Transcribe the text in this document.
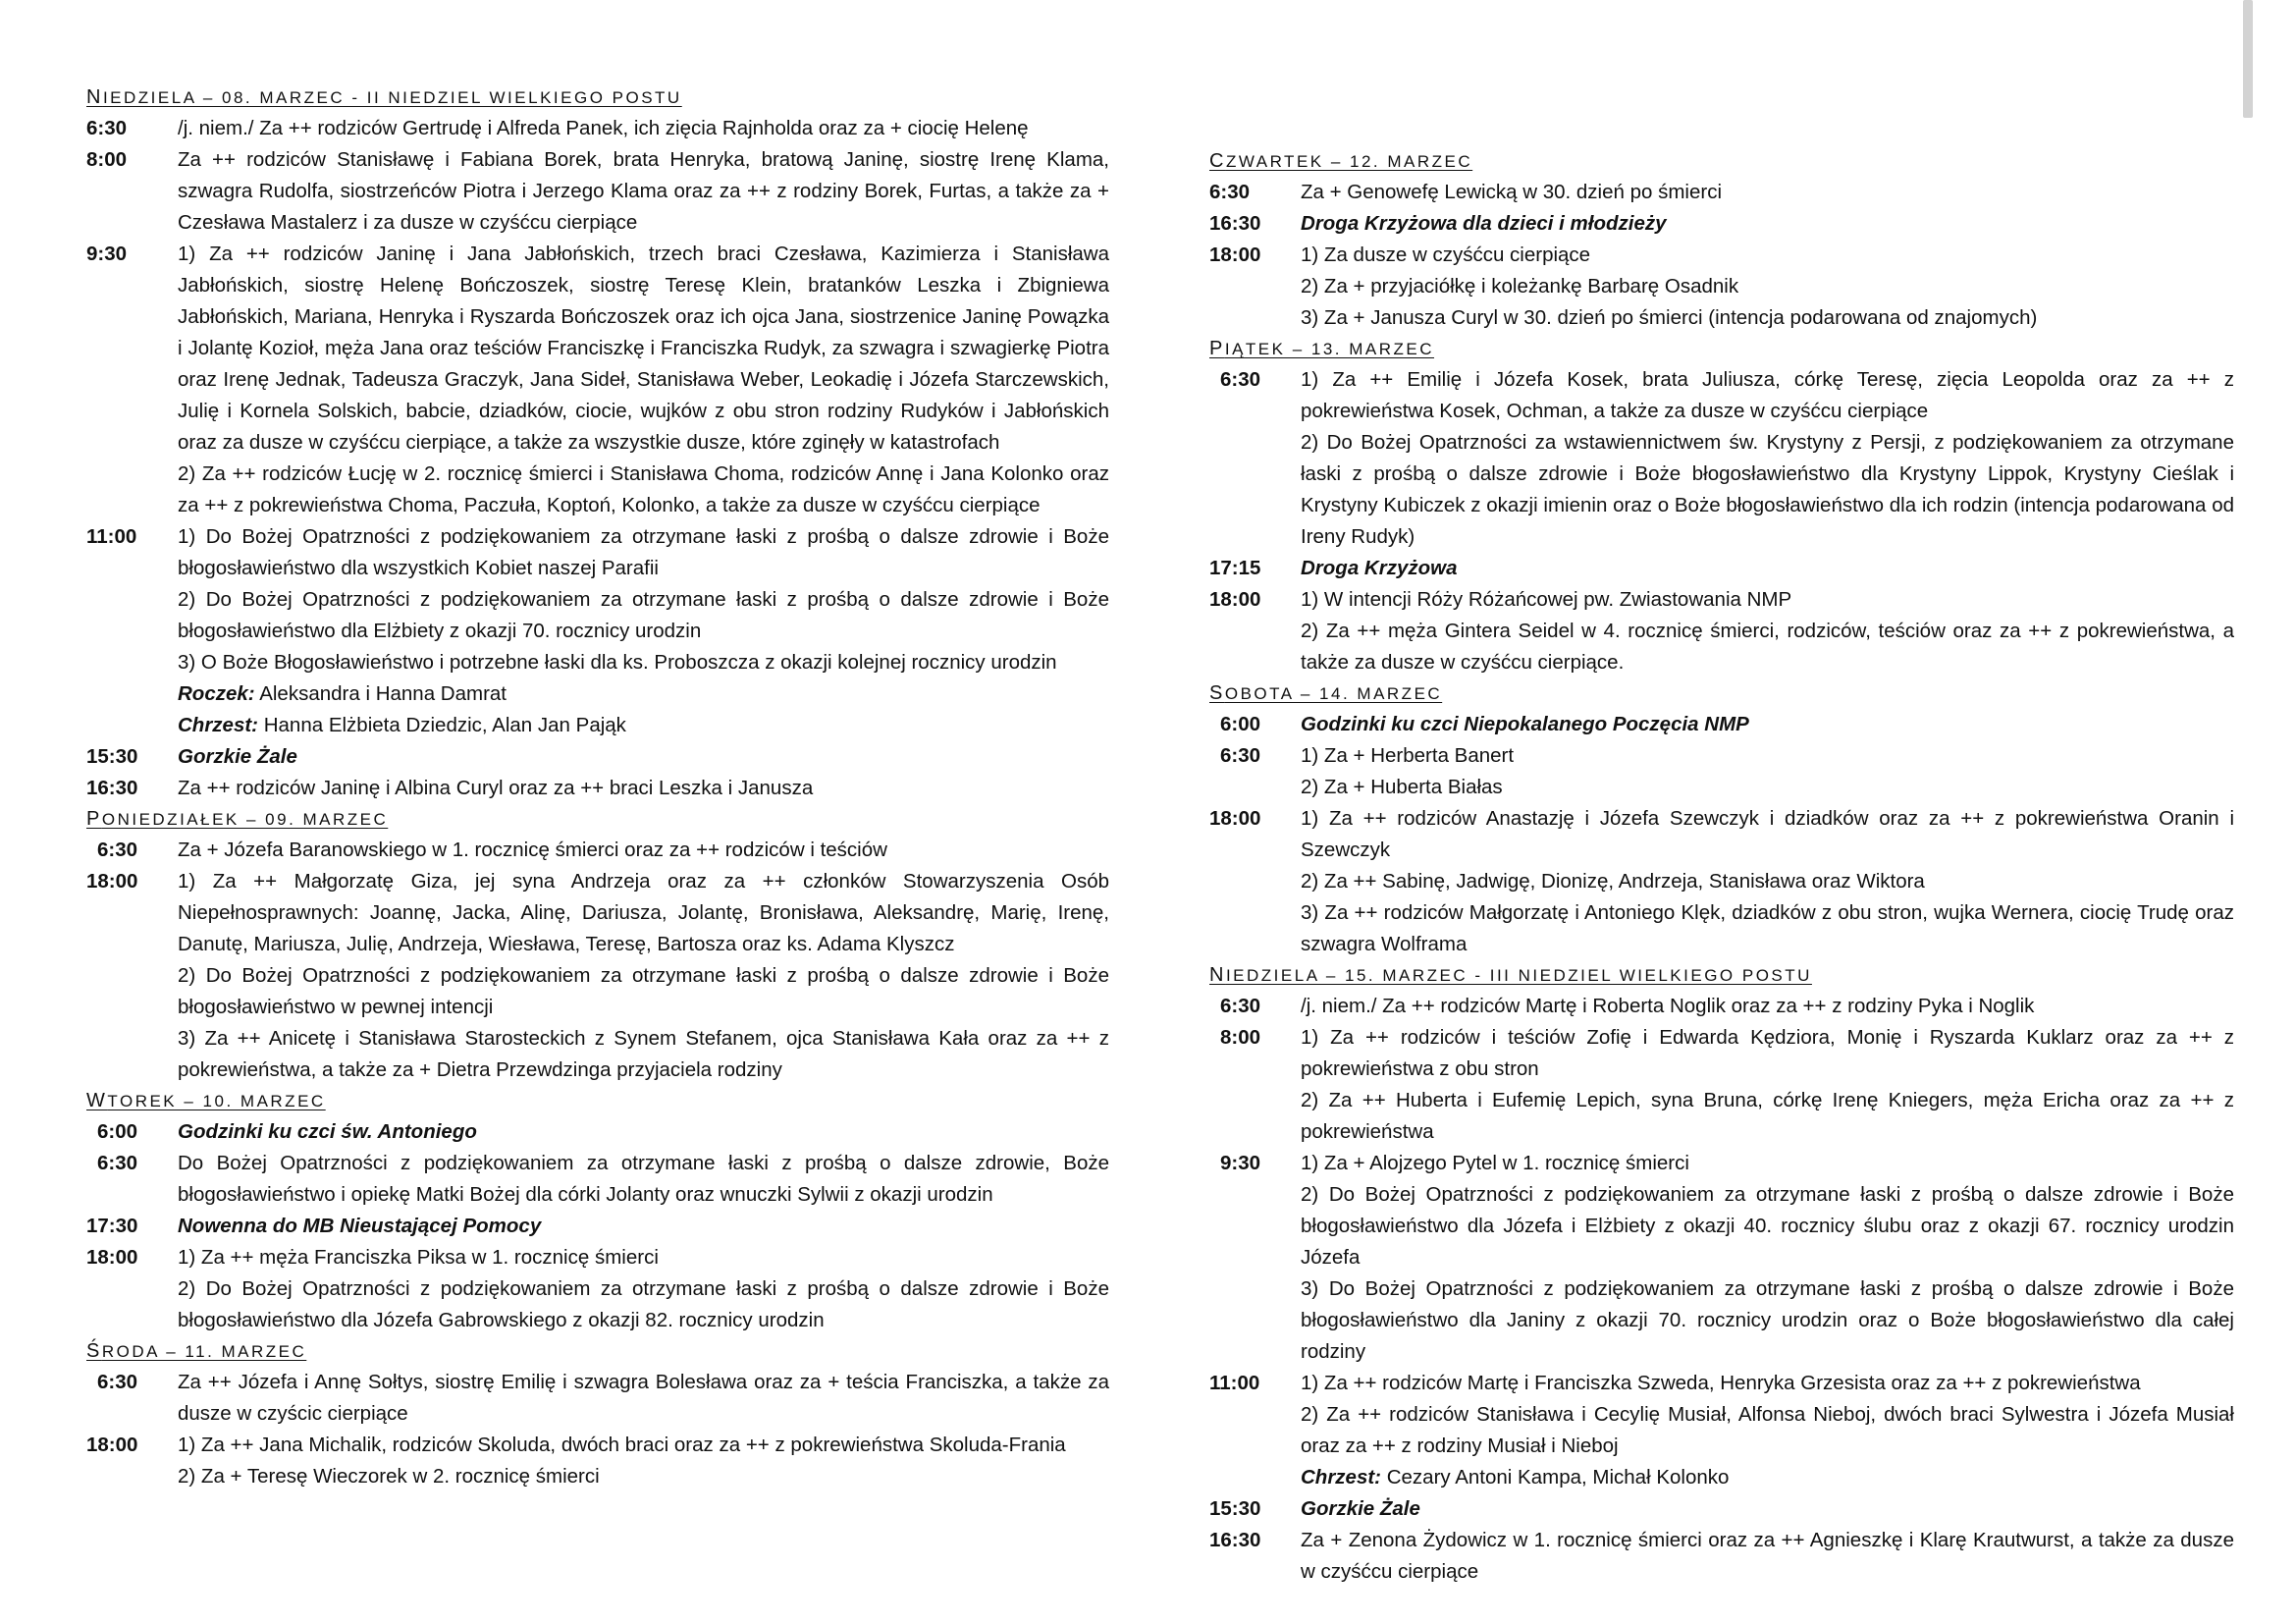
NIEDZIELA – 08. MARZEC - II NIEDZIEL WIELKIEGO POSTU
6:30	/j. niem./ Za ++ rodziców Gertrudę i Alfreda Panek, ich zięcia Rajnholda oraz za + ciocię Helenę
8:00	Za ++ rodziców Stanisławę i Fabiana Borek, brata Henryka, bratową Janinę, siostrę Irenę Klama, szwagra Rudolfa, siostrzeńców Piotra i Jerzego Klama oraz za ++ z rodziny Borek, Furtas, a także za + Czesława Mastalerz i za dusze w czyśćcu cierpiące
9:30	1) Za ++ rodziców Janinę i Jana Jabłońskich, trzech braci Czesława, Kazimierza i Stanisława Jabłońskich, siostrę Helenę Bończoszek, siostrę Teresę Klein, bratanków Leszka i Zbigniewa Jabłońskich, Mariana, Henryka i Ryszarda Bończoszek oraz ich ojca Jana, siostrzenice Janinę Powązka i Jolantę Kozioł, męża Jana oraz teściów Franciszkę i Franciszka Rudyk, za szwagra i szwagierkę Piotra oraz Irenę Jednak, Tadeusza Graczyk, Jana Sideł, Stanisława Weber, Leokadię i Józefa Starczewskich, Julię i Kornela Solskich, babcie, dziadków, ciocie, wujków z obu stron rodziny Rudyków i Jabłońskich oraz za dusze w czyśćcu cierpiące, a także za wszystkie dusze, które zginęły w katastrofach
2) Za ++ rodziców Łucję w 2. rocznicę śmierci i Stanisława Choma, rodziców Annę i Jana Kolonko oraz za ++ z pokrewieństwa Choma, Paczuła, Koptoń, Kolonko, a także za dusze w czyśćcu cierpiące
11:00	1) Do Bożej Opatrzności z podziękowaniem za otrzymane łaski z prośbą o dalsze zdrowie i Boże błogosławieństwo dla wszystkich Kobiet naszej Parafii
2) Do Bożej Opatrzności z podziękowaniem za otrzymane łaski z prośbą o dalsze zdrowie i Boże błogosławieństwo dla Elżbiety z okazji 70. rocznicy urodzin
3) O Boże Błogosławieństwo i potrzebne łaski dla ks. Proboszcza z okazji kolejnej rocznicy urodzin
Roczek: Aleksandra i Hanna Damrat
Chrzest: Hanna Elżbieta Dziedzic, Alan Jan Pająk
15:30	Gorzkie Żale
16:30	Za ++ rodziców Janinę i Albina Curyl oraz za ++ braci Leszka i Janusza
PONIEDZIAŁEK – 09. MARZEC
6:30	Za + Józefa Baranowskiego w 1. rocznicę śmierci oraz za ++ rodziców i teściów
18:00	1) Za ++ Małgorzatę Giza, jej syna Andrzeja oraz za ++ członków Stowarzyszenia Osób Niepełnosprawnych: Joannę, Jacka, Alinę, Dariusza, Jolantę, Bronisława, Aleksandrę, Marię, Irenę, Danutę, Mariusza, Julię, Andrzeja, Wiesława, Teresę, Bartosza oraz ks. Adama Klyszcz
2) Do Bożej Opatrzności z podziękowaniem za otrzymane łaski z prośbą o dalsze zdrowie i Boże błogosławieństwo w pewnej intencji
3) Za ++ Anicetę i Stanisława Starosteckich z Synem Stefanem, ojca Stanisława Kała oraz za ++ z pokrewieństwa, a także za + Dietra Przewdzinga przyjaciela rodziny
WTOREK – 10. MARZEC
6:00	Godzinki ku czci św. Antoniego
6:30	Do Bożej Opatrzności z podziękowaniem za otrzymane łaski z prośbą o dalsze zdrowie, Boże błogosławieństwo i opiekę Matki Bożej dla córki Jolanty oraz wnuczki Sylwii z okazji urodzin
17:30	Nowenna do MB Nieustającej Pomocy
18:00	1) Za ++ męża Franciszka Piksa w 1. rocznicę śmierci
2) Do Bożej Opatrzności z podziękowaniem za otrzymane łaski z prośbą o dalsze zdrowie i Boże błogosławieństwo dla Józefa Gabrowskiego z okazji 82. rocznicy urodzin
ŚRODA – 11. MARZEC
6:30	Za ++ Józefa i Annę Sołtys, siostrę Emilię i szwagra Bolesława oraz za + teścia Franciszka, a także za dusze w czyścic cierpiące
18:00	1) Za ++ Jana Michalik, rodziców Skoluda, dwóch braci oraz za ++ z pokrewieństwa Skoluda-Frania
2) Za + Teresę Wieczorek w 2. rocznicę śmierci
CZWARTEK – 12. MARZEC
6:30	Za + Genowefę Lewicką w 30. dzień po śmierci
16:30	Droga Krzyżowa dla dzieci i młodzieży
18:00	1) Za dusze w czyśćcu cierpiące
2) Za + przyjaciółkę i koleżankę Barbarę Osadnik
3) Za + Janusza Curyl w 30. dzień po śmierci (intencja podarowana od znajomych)
PIĄTEK – 13. MARZEC
6:30	1) Za ++ Emilię i Józefa Kosek, brata Juliusza, córkę Teresę, zięcia Leopolda oraz za ++ z pokrewieństwa Kosek, Ochman, a także za dusze w czyśćcu cierpiące
2) Do Bożej Opatrzności za wstawiennictwem św. Krystyny z Persji, z podziękowaniem za otrzymane łaski z prośbą o dalsze zdrowie i Boże błogosławieństwo dla Krystyny Lippok, Krystyny Cieślak i Krystyny Kubiczek z okazji imienin oraz o Boże błogosławieństwo dla ich rodzin (intencja podarowana od Ireny Rudyk)
17:15	Droga Krzyżowa
18:00	1) W intencji Róży Różańcowej pw. Zwiastowania NMP
2) Za ++ męża Gintera Seidel w 4. rocznicę śmierci, rodziców, teściów oraz za ++ z pokrewieństwa, a także za dusze w czyśćcu cierpiące.
SOBOTA – 14. MARZEC
6:00	Godzinki ku czci Niepokalanego Poczęcia NMP
6:30	1) Za + Herberta Banert
2) Za + Huberta Białas
18:00	1) Za ++ rodziców Anastazję i Józefa Szewczyk i dziadków oraz za ++ z pokrewieństwa Oranin i Szewczyk
2) Za ++ Sabinę, Jadwigę, Dionizę, Andrzeja, Stanisława oraz Wiktora
3) Za ++ rodziców Małgorzatę i Antoniego Klęk, dziadków z obu stron, wujka Wernera, ciocię Trudę oraz szwagra Wolframa
NIEDZIELA – 15. MARZEC - III NIEDZIEL WIELKIEGO POSTU
6:30	/j. niem./ Za ++ rodziców Martę i Roberta Noglik oraz za ++ z rodziny Pyka i Noglik
8:00	1) Za ++ rodziców i teściów Zofię i Edwarda Kędziora, Monię i Ryszarda Kuklarz oraz za ++ z pokrewieństwa z obu stron
2) Za ++ Huberta i Eufemię Lepich, syna Bruna, córkę Irenę Kniegers, męża Ericha oraz za ++ z pokrewieństwa
9:30	1) Za + Alojzego Pytel w 1. rocznicę śmierci
2) Do Bożej Opatrzności z podziękowaniem za otrzymane łaski z prośbą o dalsze zdrowie i Boże błogosławieństwo dla Józefa i Elżbiety z okazji 40. rocznicy ślubu oraz z okazji 67. rocznicy urodzin Józefa
3) Do Bożej Opatrzności z podziękowaniem za otrzymane łaski z prośbą o dalsze zdrowie i Boże błogosławieństwo dla Janiny z okazji 70. rocznicy urodzin oraz o Boże błogosławieństwo dla całej rodziny
11:00	1) Za ++ rodziców Martę i Franciszka Szweda, Henryka Grzesista oraz za ++ z pokrewieństwa
2) Za ++ rodziców Stanisława i Cecylię Musiał, Alfonsa Nieboj, dwóch braci Sylwestra i Józefa Musiał oraz za ++ z rodziny Musiał i Nieboj
Chrzest: Cezary Antoni Kampa, Michał Kolonko
15:30	Gorzkie Żale
16:30	Za + Zenona Żydowicz w 1. rocznicę śmierci oraz za ++ Agnieszkę i Klarę Krautwurst, a także za dusze w czyśćcu cierpiące
